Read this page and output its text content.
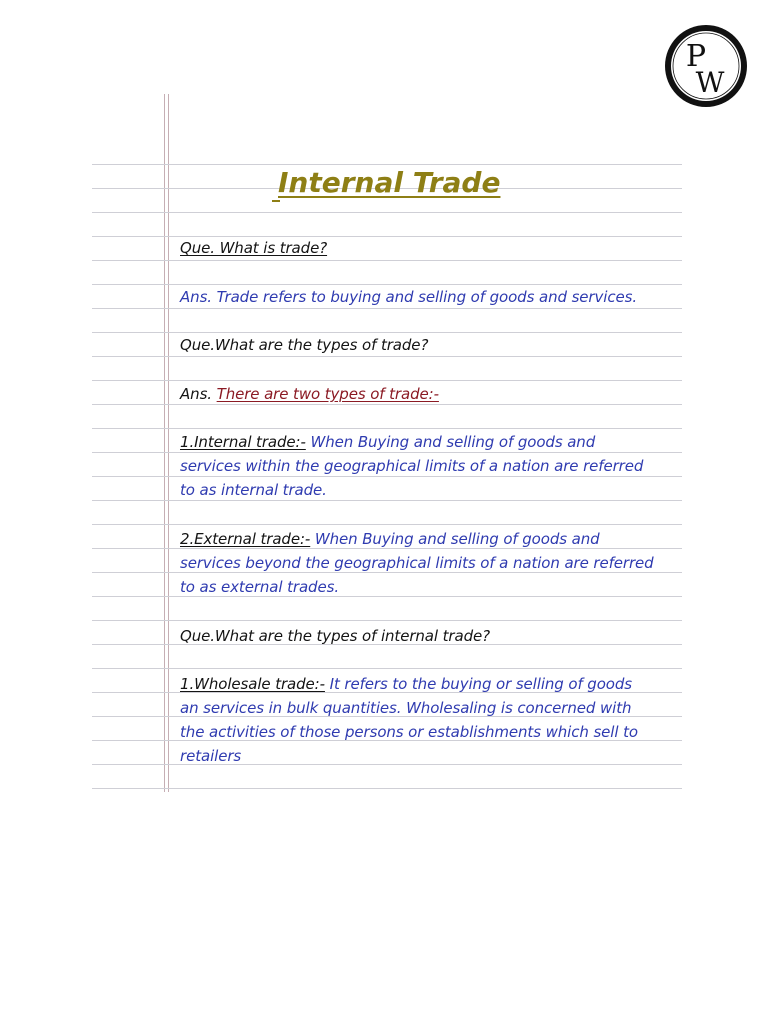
P
W
Internal Trade

Que. What is trade?

Ans. Trade refers to buying and selling of goods and services.

Que.What are the types of trade?

Ans. There are two types of trade:-

1.Internal trade:- When Buying and selling of goods and
services within the geographical limits of a nation are referred
to as internal trade.

2.External trade:- When Buying and selling of goods and
services beyond the geographical limits of a nation are referred
to as external trades.

Que.What are the types of internal trade?

1.Wholesale trade:- It refers to the buying or selling of goods
an services in bulk quantities. Wholesaling is concerned with
the activities of those persons or establishments which sell to
retailers
